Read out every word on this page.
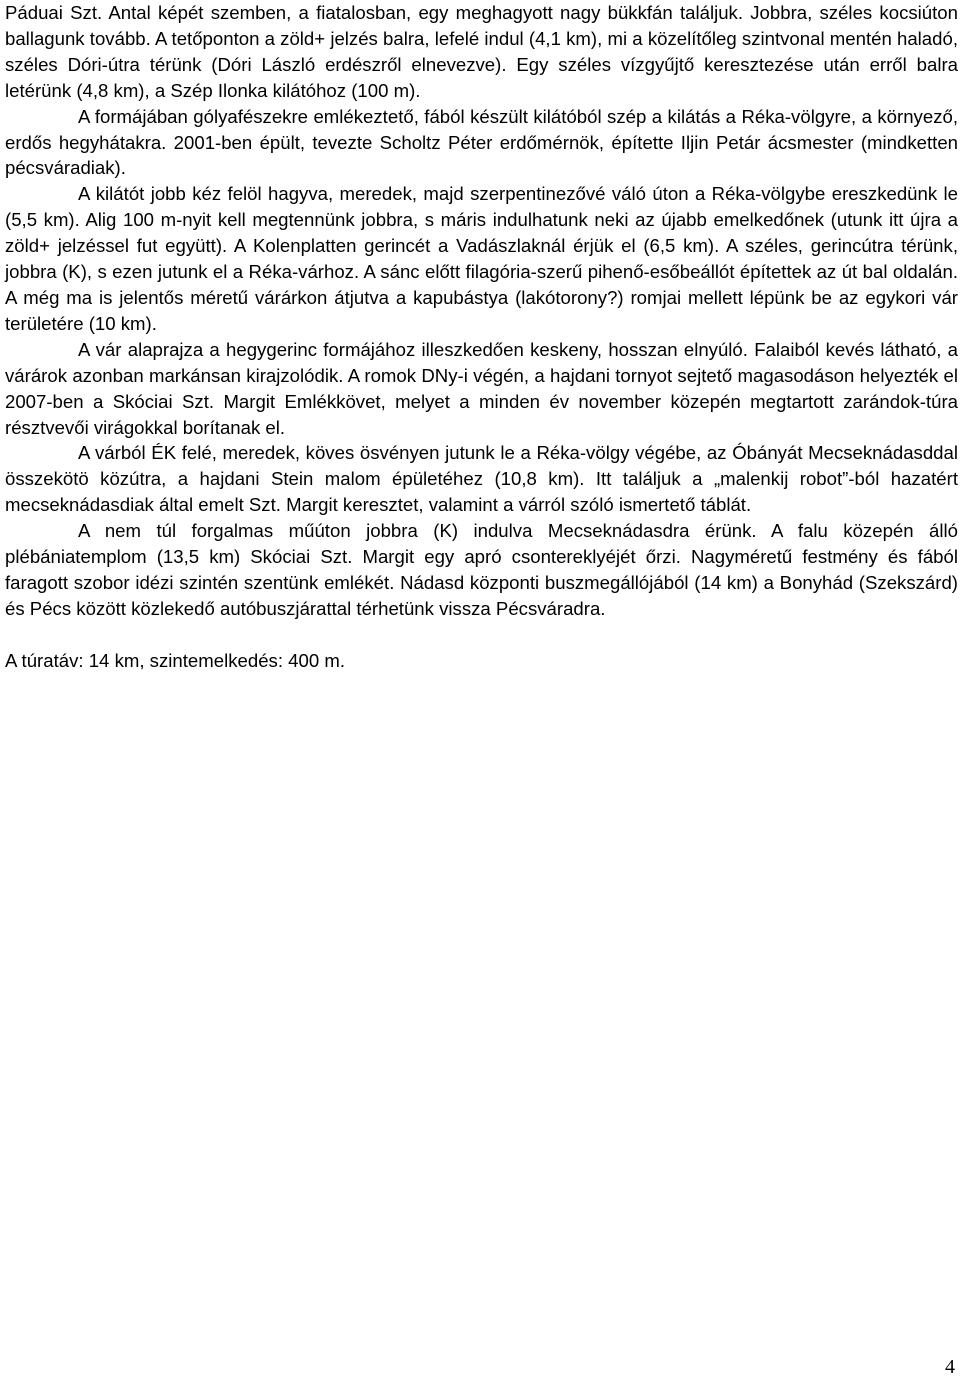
Páduai Szt. Antal képét szemben, a fiatalosban, egy meghagyott nagy bükkfán találjuk. Jobbra, széles kocsiúton ballagunk tovább. A tetőponton a zöld+ jelzés balra, lefelé indul (4,1 km), mi a közelítőleg szintvonal mentén haladó, széles Dóri-útra térünk (Dóri László erdészről elnevezve). Egy széles vízgyűjtő keresztezése után erről balra letérünk (4,8 km), a Szép Ilonka kilátóhoz (100 m).

A formájában gólyafészekre emlékeztető, fából készült kilátóból szép a kilátás a Réka-völgyre, a környező, erdős hegyhátakra. 2001-ben épült, tevezte Scholtz Péter erdőmérnök, építette Iljin Petár ácsmester (mindketten pécsváradiak).

A kilátót jobb kéz felöl hagyva, meredek, majd szerpentinezővé váló úton a Réka-völgybe ereszkedünk le (5,5 km). Alig 100 m-nyit kell megtennünk jobbra, s máris indulhatunk neki az újabb emelkedőnek (utunk itt újra a zöld+ jelzéssel fut együtt). A Kolenplatten gerincét a Vadászlaknál érjük el (6,5 km). A széles, gerincútra térünk, jobbra (K), s ezen jutunk el a Réka-várhoz. A sánc előtt filagória-szerű pihenő-esőbeállót építettek az út bal oldalán. A még ma is jelentős méretű várárkon átjutva a kapubástya (lakótorony?) romjai mellett lépünk be az egykori vár területére (10 km).

A vár alaprajza a hegygerinc formájához illeszkedően keskeny, hosszan elnyúló. Falaiból kevés látható, a várárok azonban markánsan kirajzolódik. A romok DNy-i végén, a hajdani tornyot sejtető magasodáson helyezték el 2007-ben a Skóciai Szt. Margit Emlékkövet, melyet a minden év november közepén megtartott zarándok-túra résztvevői virágokkal borítanak el.

A várból ÉK felé, meredek, köves ösvényen jutunk le a Réka-völgy végébe, az Óbányát Mecseknádasddal összekötö közútra, a hajdani Stein malom épületéhez (10,8 km). Itt találjuk a „malenkij robot”-ból hazatért mecseknádasdiak által emelt Szt. Margit keresztet, valamint a várról szóló ismertető táblát.

A nem túl forgalmas műúton jobbra (K) indulva Mecseknádasdra érünk. A falu közepén álló plébániatemplom (13,5 km) Skóciai Szt. Margit egy apró csontereklyéjét őrzi. Nagyméretű festmény és fából faragott szobor idézi szintén szentünk emlékét. Nádasd központi buszmegállójából (14 km) a Bonyhád (Szekszárd) és Pécs között közlekedő autóbuszjárattal térhetünk vissza Pécsváradra.

A túratáv: 14 km, szintemelkedés: 400 m.

4
